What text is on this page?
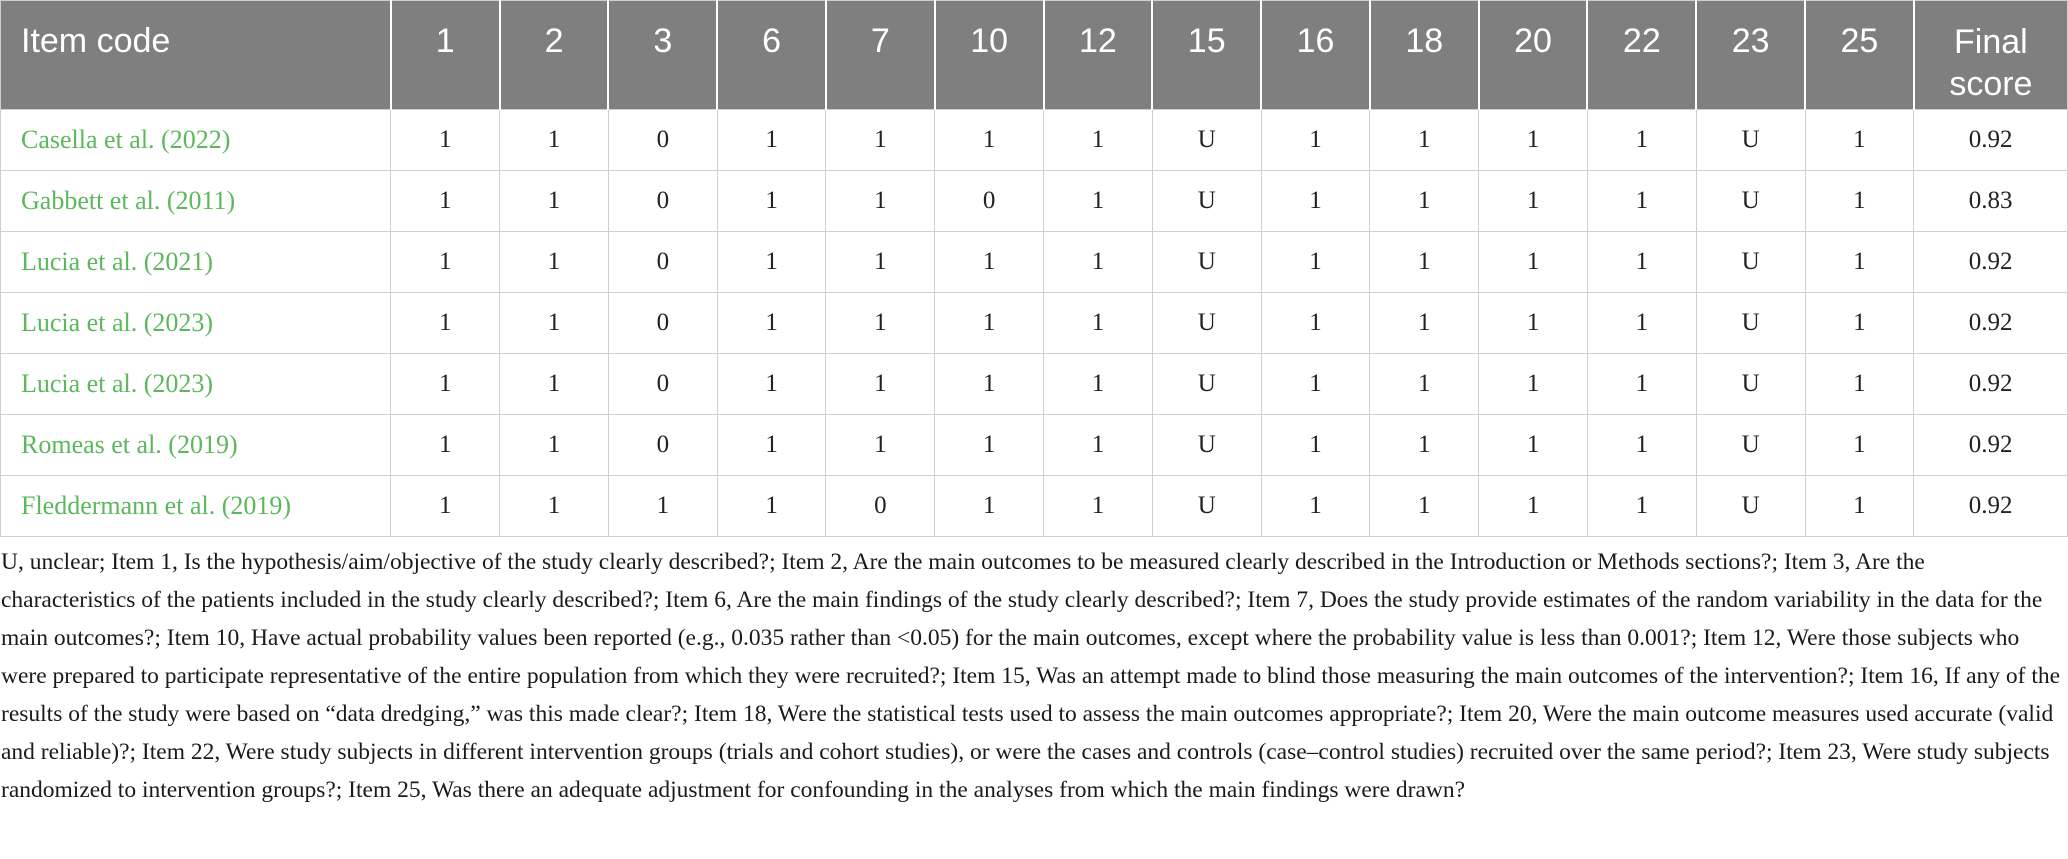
Item code	1	2	3	6	7	10	12	15	16	18	20	22	23	25	Final score

Casella et al. (2022)	1	1	0	1	1	1	1	U	1	1	1	1	U	1	0.92
Gabbett et al. (2011)	1	1	0	1	1	0	1	U	1	1	1	1	U	1	0.83
Lucia et al. (2021)	1	1	0	1	1	1	1	U	1	1	1	1	U	1	0.92
Lucia et al. (2023)	1	1	0	1	1	1	1	U	1	1	1	1	U	1	0.92
Lucia et al. (2023)	1	1	0	1	1	1	1	U	1	1	1	1	U	1	0.92
Romeas et al. (2019)	1	1	0	1	1	1	1	U	1	1	1	1	U	1	0.92
Fleddermann et al. (2019)	1	1	1	1	0	1	1	U	1	1	1	1	U	1	0.92

U, unclear; Item 1, Is the hypothesis/aim/objective of the study clearly described?; Item 2, Are the main outcomes to be measured clearly described in the Introduction or Methods sections?; Item 3, Are the characteristics of the patients included in the study clearly described?; Item 6, Are the main findings of the study clearly described?; Item 7, Does the study provide estimates of the random variability in the data for the main outcomes?; Item 10, Have actual probability values been reported (e.g., 0.035 rather than <0.05) for the main outcomes, except where the probability value is less than 0.001?; Item 12, Were those subjects who were prepared to participate representative of the entire population from which they were recruited?; Item 15, Was an attempt made to blind those measuring the main outcomes of the intervention?; Item 16, If any of the results of the study were based on “data dredging,” was this made clear?; Item 18, Were the statistical tests used to assess the main outcomes appropriate?; Item 20, Were the main outcome measures used accurate (valid and reliable)?; Item 22, Were study subjects in different intervention groups (trials and cohort studies), or were the cases and controls (case–control studies) recruited over the same period?; Item 23, Were study subjects randomized to intervention groups?; Item 25, Was there an adequate adjustment for confounding in the analyses from which the main findings were drawn?
